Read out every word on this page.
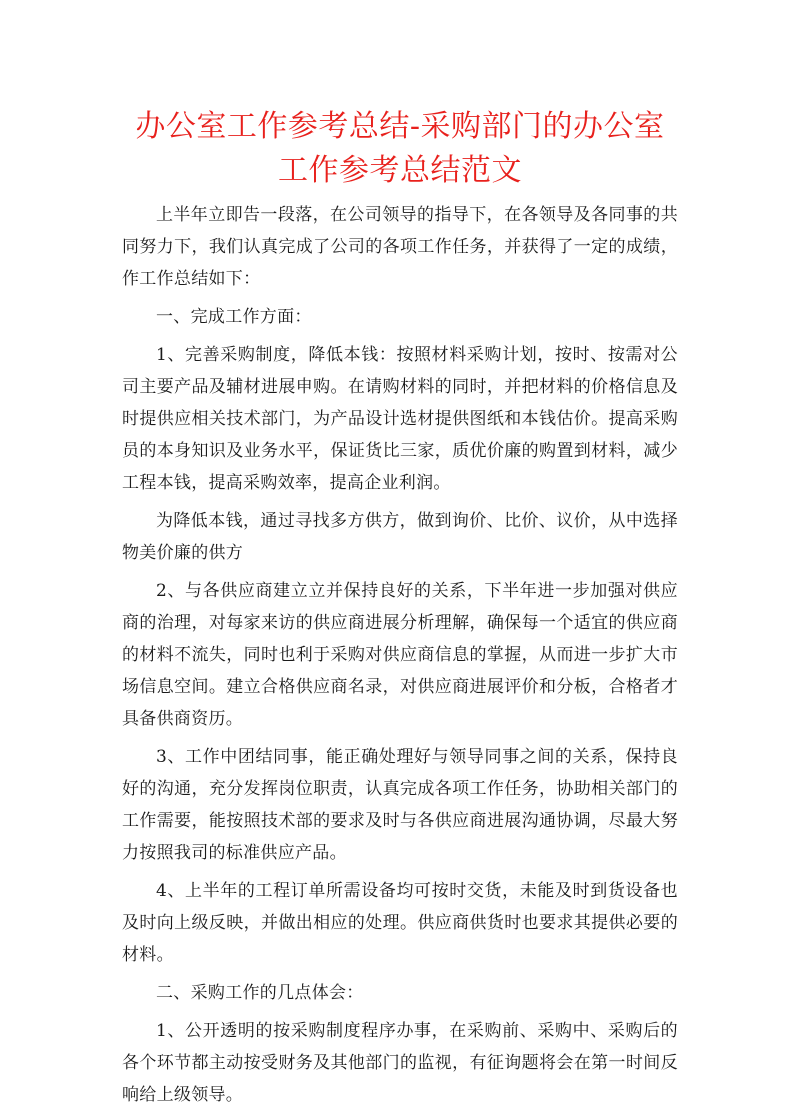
办公室工作参考总结-采购部门的办公室工作参考总结范文

上半年立即告一段落，在公司领导的指导下，在各领导及各同事的共同努力下，我们认真完成了公司的各项工作任务，并获得了一定的成绩，作工作总结如下：

一、完成工作方面：

1、完善采购制度，降低本钱：按照材料采购计划，按时、按需对公司主要产品及辅材进展申购。在请购材料的同时，并把材料的价格信息及时提供应相关技术部门，为产品设计选材提供图纸和本钱估价。提高采购员的本身知识及业务水平，保证货比三家，质优价廉的购置到材料，减少工程本钱，提高采购效率，提高企业利润。

为降低本钱，通过寻找多方供方，做到询价、比价、议价，从中选择物美价廉的供方

2、与各供应商建立立并保持良好的关系，下半年进一步加强对供应商的治理，对每家来访的供应商进展分析理解，确保每一个适宜的供应商的材料不流失，同时也利于采购对供应商信息的掌握，从而进一步扩大市场信息空间。建立合格供应商名录，对供应商进展评价和分板，合格者才具备供商资历。

3、工作中团结同事，能正确处理好与领导同事之间的关系，保持良好的沟通，充分发挥岗位职责，认真完成各项工作任务，协助相关部门的工作需要，能按照技术部的要求及时与各供应商进展沟通协调，尽最大努力按照我司的标准供应产品。

4、上半年的工程订单所需设备均可按时交货，未能及时到货设备也及时向上级反映，并做出相应的处理。供应商供货时也要求其提供必要的材料。

二、采购工作的几点体会：

1、公开透明的按采购制度程序办事，在采购前、采购中、采购后的各个环节都主动按受财务及其他部门的监视，有征询题将会在第一时间反响给上级领导。
